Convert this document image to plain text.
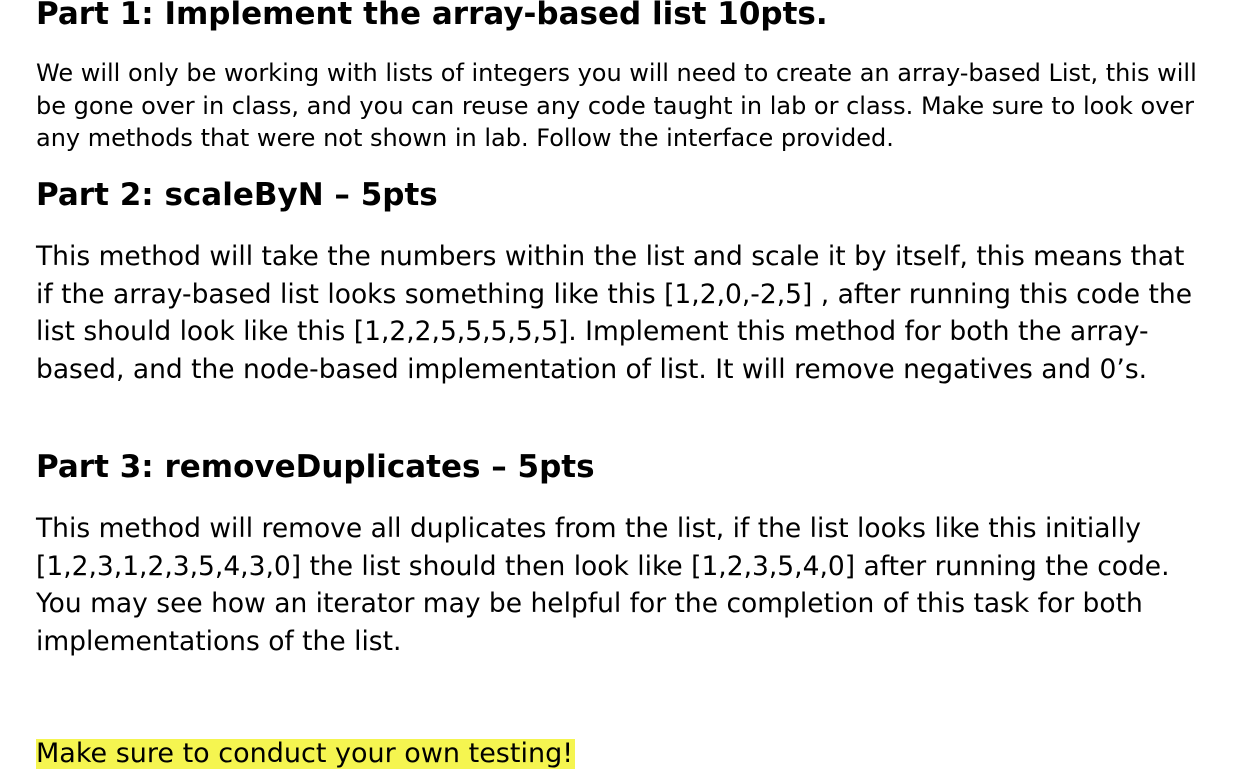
Part 1: Implement the array-based list 10pts.

We will only be working with lists of integers you will need to create an array-based List, this will be gone over in class, and you can reuse any code taught in lab or class. Make sure to look over any methods that were not shown in lab. Follow the interface provided.

Part 2: scaleByN – 5pts

This method will take the numbers within the list and scale it by itself, this means that if the array-based list looks something like this [1,2,0,-2,5] , after running this code the list should look like this [1,2,2,5,5,5,5,5]. Implement this method for both the array-based, and the node-based implementation of list. It will remove negatives and 0’s.

Part 3: removeDuplicates – 5pts

This method will remove all duplicates from the list, if the list looks like this initially [1,2,3,1,2,3,5,4,3,0] the list should then look like [1,2,3,5,4,0] after running the code. You may see how an iterator may be helpful for the completion of this task for both implementations of the list.

Make sure to conduct your own testing!
